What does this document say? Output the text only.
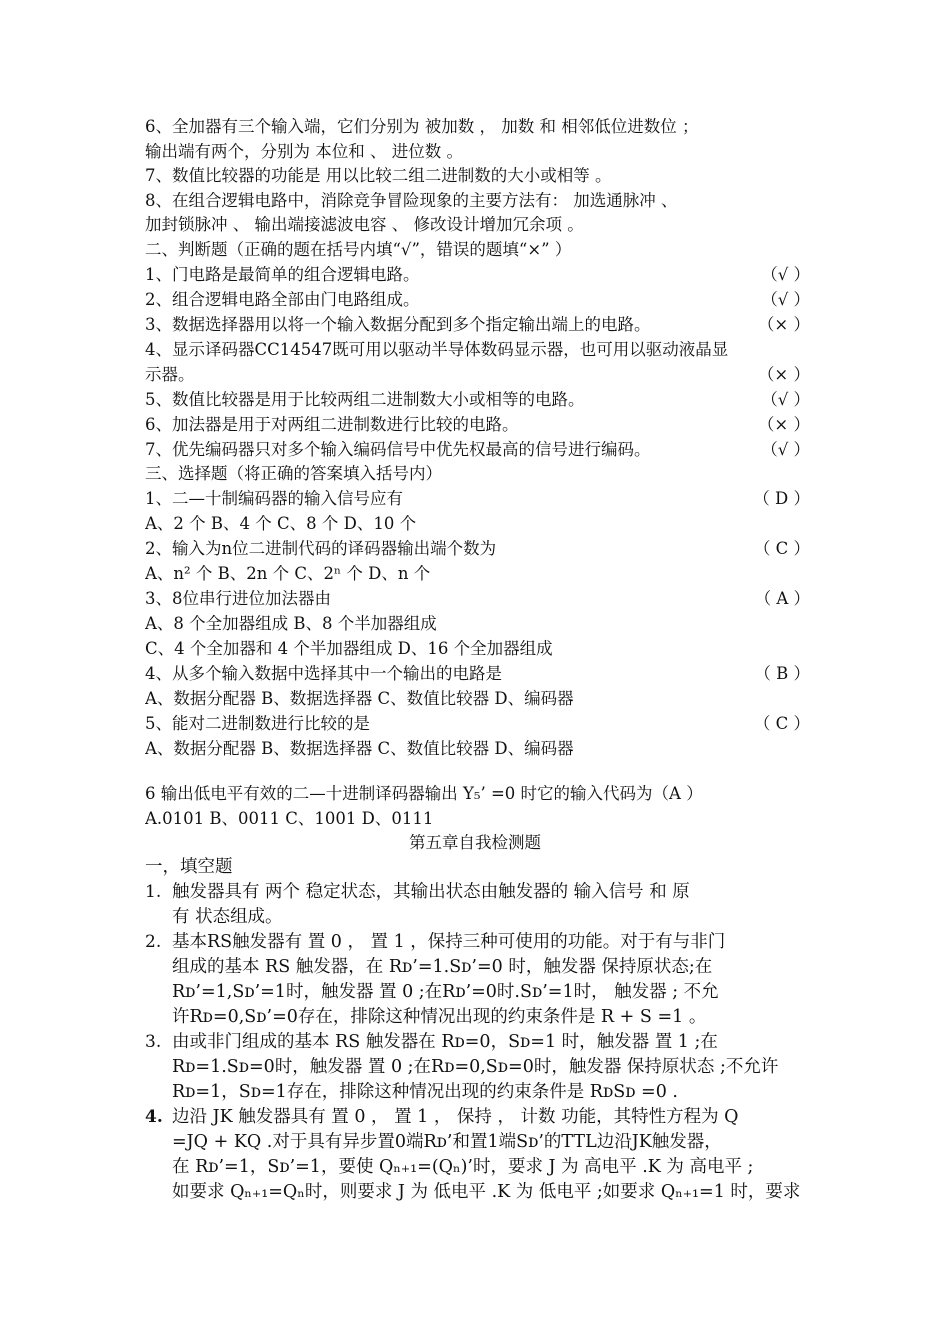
6、全加器有三个输入端，它们分别为 被加数 ， 加数 和 相邻低位进数位 ；
输出端有两个，分别为 本位和 、 进位数 。
7、数值比较器的功能是 用以比较二组二进制数的大小或相等 。
8、在组合逻辑电路中，消除竞争冒险现象的主要方法有： 加选通脉冲 、
加封锁脉冲 、 输出端接滤波电容 、 修改设计增加冗余项 。
二、判断题（正确的题在括号内填“√”，错误的题填“×” ）
1、门电路是最简单的组合逻辑电路。	（√ ）
2、组合逻辑电路全部由门电路组成。	（√ ）
3、数据选择器用以将一个输入数据分配到多个指定输出端上的电路。	（× ）
4、显示译码器CC14547既可用以驱动半导体数码显示器，也可用以驱动液晶显
示器。	（× ）
5、数值比较器是用于比较两组二进制数大小或相等的电路。	（√ ）
6、加法器是用于对两组二进制数进行比较的电路。	（× ）
7、优先编码器只对多个输入编码信号中优先权最高的信号进行编码。	（√ ）
三、选择题（将正确的答案填入括号内）
1、二—十制编码器的输入信号应有	（ D ）
A、2 个 B、4 个 C、8 个 D、10 个
2、输入为n位二进制代码的译码器输出端个数为	（ C ）
A、n² 个 B、2n 个 C、2ⁿ 个 D、n 个
3、8位串行进位加法器由	（ A ）
A、8 个全加器组成 B、8 个半加器组成
C、4 个全加器和 4 个半加器组成 D、16 个全加器组成
4、从多个输入数据中选择其中一个输出的电路是	（ B ）
A、数据分配器 B、数据选择器 C、数值比较器 D、编码器
5、能对二进制数进行比较的是	（ C ）
A、数据分配器 B、数据选择器 C、数值比较器 D、编码器
6 输出低电平有效的二—十进制译码器输出 Y₅’ =0 时它的输入代码为（A ）
A.0101 B、0011 C、1001 D、0111
第五章自我检测题
一，填空题
1. 触发器具有 两个 稳定状态，其输出状态由触发器的 输入信号 和 原
有 状态组成。
2. 基本RS触发器有 置 0 ， 置 1 ，保持三种可使用的功能。对于有与非门
组成的基本 RS 触发器，在 Rᴅ’=1.Sᴅ’=0 时，触发器 保持原状态;在
Rᴅ’=1,Sᴅ’=1时，触发器 置 0 ;在Rᴅ’=0时.Sᴅ’=1时， 触发器 ; 不允
许Rᴅ=0,Sᴅ’=0存在，排除这种情况出现的约束条件是 R + S =1 。
3. 由或非门组成的基本 RS 触发器在 Rᴅ=0，Sᴅ=1 时，触发器 置 1 ;在
Rᴅ=1.Sᴅ=0时，触发器 置 0 ;在Rᴅ=0,Sᴅ=0时，触发器 保持原状态 ;不允许
Rᴅ=1，Sᴅ=1存在，排除这种情况出现的约束条件是 RᴅSᴅ =0 .
4. 边沿 JK 触发器具有 置 0 ， 置 1 ， 保持 ， 计数 功能，其特性方程为 Q
=JQ + KQ .对于具有异步置0端Rᴅ’和置1端Sᴅ’的TTL边沿JK触发器，
在 Rᴅ’=1，Sᴅ’=1，要使 Qₙ₊₁=(Qₙ)’时，要求 J 为 高电平 .K 为 高电平 ;
如要求 Qₙ₊₁=Qₙ时，则要求 J 为 低电平 .K 为 低电平 ;如要求 Qₙ₊₁=1 时，要求
